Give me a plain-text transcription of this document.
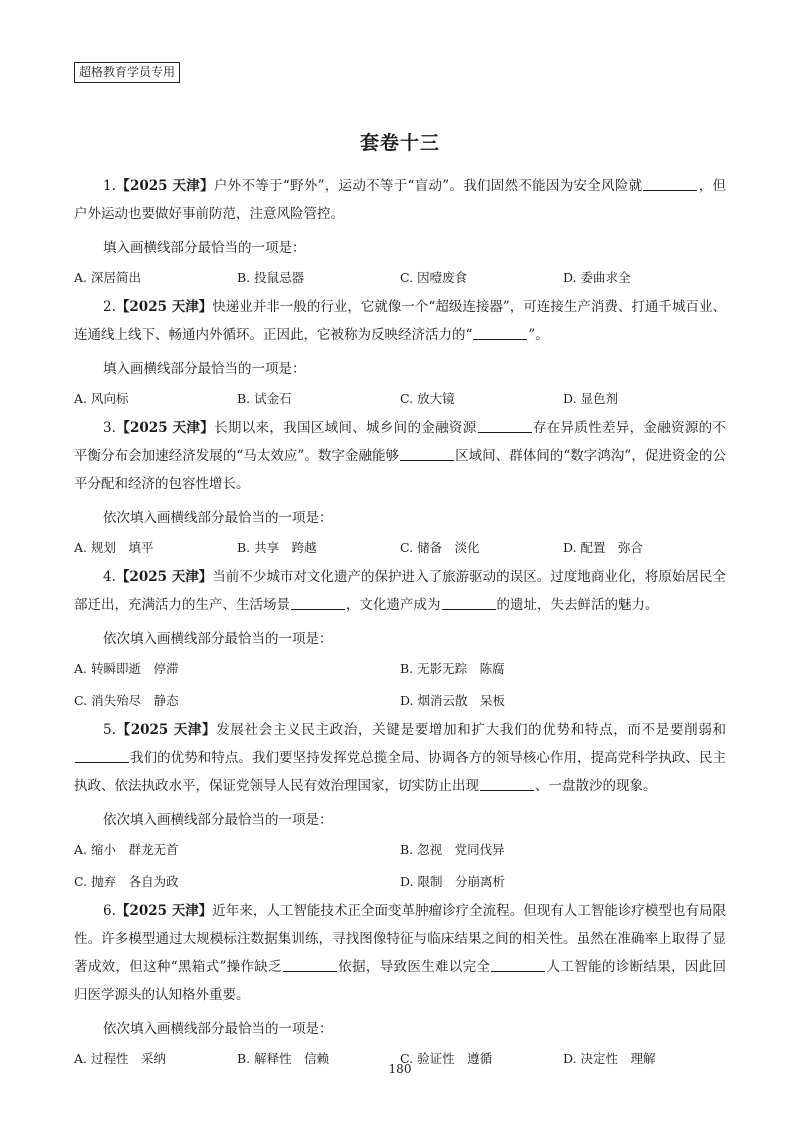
超格教育学员专用
套卷十三

1.【2025 天津】户外不等于“野外”，运动不等于“盲动”。我们固然不能因为安全风险就	，但户外运动也要做好事前防范，注意风险管控。

填入画横线部分最恰当的一项是：

A. 深居简出	B. 投鼠忌器	C. 因噎废食	D. 委曲求全

2.【2025 天津】快递业并非一般的行业，它就像一个“超级连接器”，可连接生产消费、打通千城百业、连通线上线下、畅通内外循环。正因此，它被称为反映经济活力的“	”。

填入画横线部分最恰当的一项是：

A. 风向标	B. 试金石	C. 放大镜	D. 显色剂

3.【2025 天津】长期以来，我国区域间、城乡间的金融资源	存在异质性差异，金融资源的不平衡分布会加速经济发展的“马太效应”。数字金融能够	区域间、群体间的“数字鸿沟”，促进资金的公平分配和经济的包容性增长。

依次填入画横线部分最恰当的一项是：

A. 规划　填平	B. 共享　跨越	C. 储备　淡化	D. 配置　弥合

4.【2025 天津】当前不少城市对文化遗产的保护进入了旅游驱动的误区。过度地商业化，将原始居民全部迁出，充满活力的生产、生活场景	，文化遗产成为	的遗址，失去鲜活的魅力。

依次填入画横线部分最恰当的一项是：

A. 转瞬即逝　停滞	B. 无影无踪　陈腐
C. 消失殆尽　静态	D. 烟消云散　呆板

5.【2025 天津】发展社会主义民主政治，关键是要增加和扩大我们的优势和特点，而不是要削弱和我们的优势和特点。我们要坚持发挥党总揽全局、协调各方的领导核心作用，提高党科学执政、民主执政、依法执政水平，保证党领导人民有效治理国家，切实防止出现	、一盘散沙的现象。

依次填入画横线部分最恰当的一项是：

A. 缩小　群龙无首	B. 忽视　党同伐异
C. 抛弃　各自为政	D. 限制　分崩离析

6.【2025 天津】近年来，人工智能技术正全面变革肿瘤诊疗全流程。但现有人工智能诊疗模型也有局限性。许多模型通过大规模标注数据集训练，寻找图像特征与临床结果之间的相关性。虽然在准确率上取得了显著成效，但这种“黑箱式”操作缺乏	依据，导致医生难以完全	人工智能的诊断结果，因此回归医学源头的认知格外重要。

依次填入画横线部分最恰当的一项是：

A. 过程性　采纳	B. 解释性　信赖	C. 验证性　遵循	D. 决定性　理解
180
